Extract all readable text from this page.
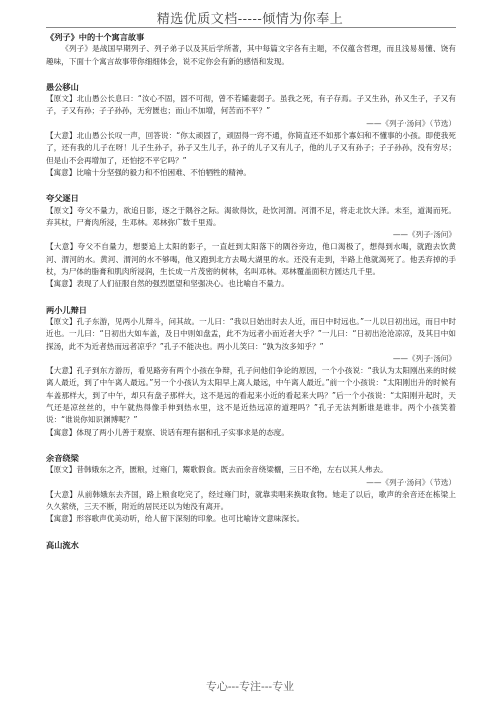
精选优质文档-----倾情为你奉上

《列子》中的十个寓言故事

《列子》是战国早期列子、列子弟子以及其后学所著，其中每篇文字各有主题，不仅蕴含哲理，而且浅易易懂、饶有趣味，下面十个寓言故事带你细细体会，说不定你会有新的感悟和发现。

愚公移山

【原文】北山愚公长息曰：“汝心不固，固不可彻，曾不若孀妻弱子。虽我之死，有子存焉。子又生孙，孙又生子，子又有子，子又有孙；子子孙孙，无穷匮也；而山不加增，何苦而不平？”

——《列子·汤问》（节选）

【大意】北山愚公长叹一声，回答说：“你太顽固了，顽固得一窍不通，你简直还不如那个寡妇和不懂事的小孩。即使我死了，还有我的儿子在呀！儿子生孙子，孙子又生儿子，孙子的儿子又有儿子，他的儿子又有孙子；子子孙孙，没有穷尽；但是山不会再增加了，还怕挖不平它吗？”

【寓意】比喻十分坚强的毅力和不怕困难、不怕牺牲的精神。

夸父逐日

【原文】夸父不量力，欲追日影，逐之于隅谷之际。渴欲得饮，赴饮河渭。河渭不足，将走北饮大泽。未至，道渴而死。弃其杖，尸膏肉所浸，生邓林。邓林弥广数千里焉。

——《列子·汤问》

【大意】夸父不自量力，想要追上太阳的影子，一直赶到太阳落下的隅谷旁边，他口渴极了，想得到水喝，就跑去饮黄河、渭河的水。黄河、渭河的水不够喝，他又跑到北方去喝大湖里的水。还没有走到，半路上他就渴死了。他丢弃掉的手杖，为尸体的脂膏和肌肉所浸润，生长成一片茂密的树林，名叫邓林。邓林覆盖面积方圆达几千里。

【寓意】表现了人们征服自然的强烈愿望和坚强决心。也比喻自不量力。

两小儿辩日

【原文】孔子东游，见两小儿辩斗，问其故。一儿曰：“我以日始出时去人近，而日中时远也。”一儿以日初出远，而日中时近也。一儿曰：“日初出大如车盖，及日中则如盘盂，此不为远者小而近者大乎？”一儿曰：“日初出沧沧凉凉，及其日中如探汤，此不为近者热而远者凉乎？”孔子不能决也。两小儿笑曰：“孰为汝多知乎？”

——《列子·汤问》

【大意】孔子到东方游历，看见路旁有两个小孩在争辩，孔子问他们争论的原因，一个小孩说：“我认为太阳刚出来的时候离人最近，到了中午离人最远。”另一个小孩认为太阳早上离人最远，中午离人最近。”前一个小孩说：“太阳刚出升的时候有车盖那样大，到了中午，却只有盘子那样大，这不是远的看起来小近的看起来大吗？”后一个小孩说：“太阳刚升起时，天气还是凉丝丝的，中午就热得像手伸到热水里，这不是近热远凉的道理吗？”孔子无法判断谁是谁非。两个小孩笑着说：“谁说你知识渊博呢？”

【寓意】体现了两小儿善于观察、说话有理有据和孔子实事求是的态度。

余音绕梁

【原文】昔韩娥东之齐，匮粮，过雍门，鬻歌假食。既去而余音绕梁欐，三日不绝，左右以其人弗去。

——《列子·汤问》（节选）

【大意】从前韩娥东去齐国，路上粮食吃完了，经过雍门时，就靠卖唱来换取食物。她走了以后，歌声的余音还在栋梁上久久萦绕，三天不断，附近的居民还以为她没有离开。

【寓意】形容歌声优美动听，给人留下深刻的印象。也可比喻诗文意味深长。

高山流水

专心---专注---专业
